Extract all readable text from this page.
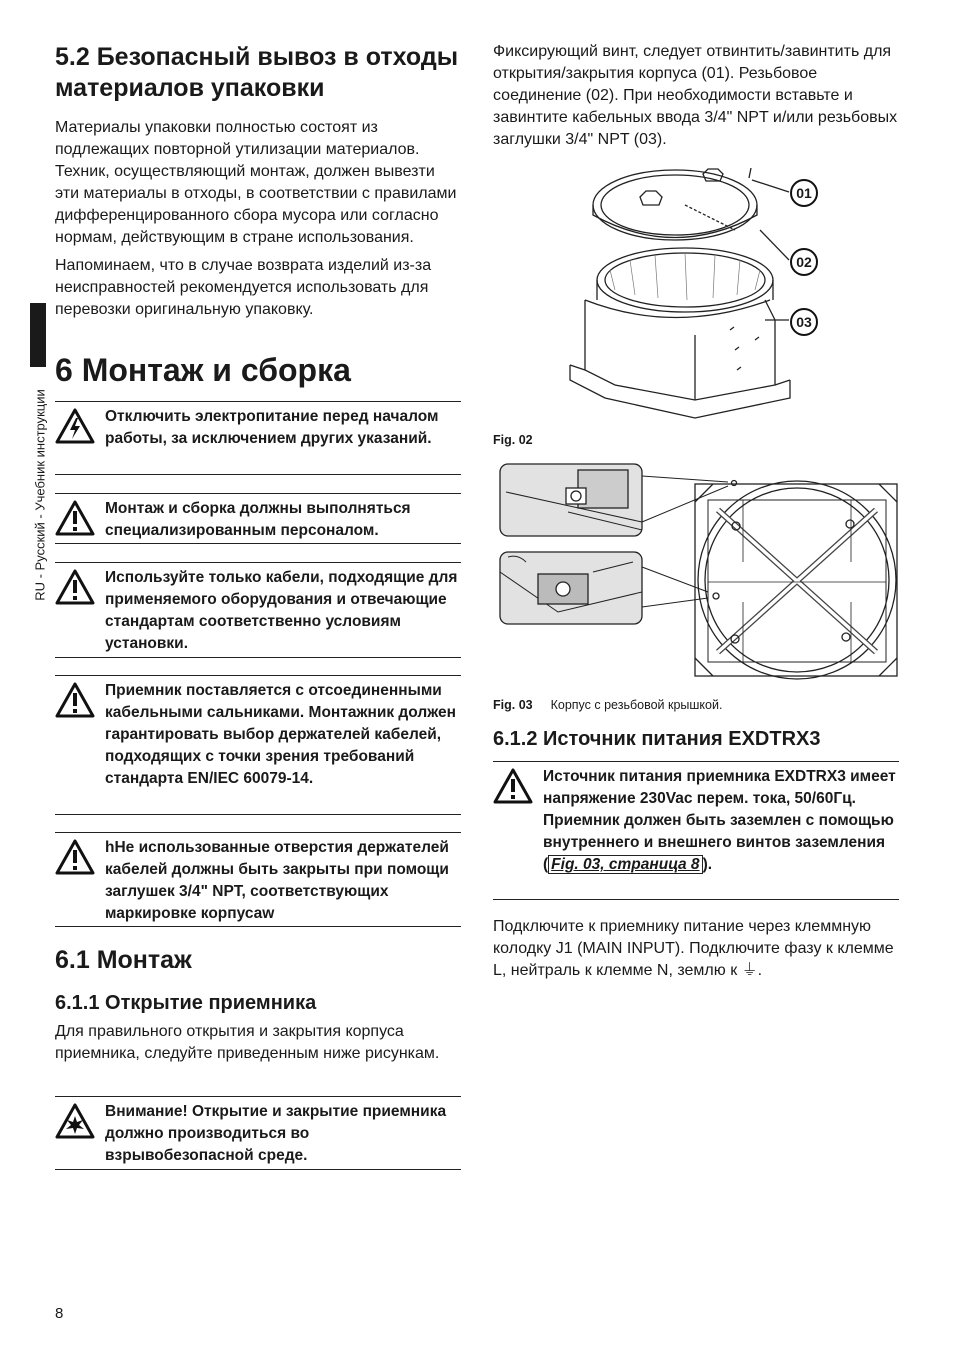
RU - Русский - Учебник инструкции
5.2 Безопасный вывоз в отходы материалов упаковки

Материалы упаковки полностью состоят из подлежащих повторной утилизации материалов. Техник, осуществляющий монтаж, должен вывезти эти материалы в отходы, в соответствии с правилами дифференцированного сбора мусора или согласно нормам, действующим в стране использования.

Напоминаем, что в случае возврата изделий из-за неисправностей рекомендуется использовать для перевозки оригинальную упаковку.

6 Монтаж и сборка
Отключить электропитание перед началом работы, за исключением других указаний.
Монтаж и сборка должны выполняться специализированным персоналом.
Используйте только кабели, подходящие для применяемого оборудования и отвечающие стандартам соответственно условиям установки.
Приемник поставляется с отсоединенными кабельными сальниками. Монтажник должен гарантировать выбор держателей кабелей, подходящих с точки зрения требований стандарта EN/IEC 60079-14.
hНе использованные отверстия держателей кабелей должны быть закрыты при помощи заглушек 3/4" NPT, соответствующих маркировке корпусаw
6.1 Монтаж
6.1.1 Открытие приемника

Для правильного открытия и закрытия корпуса приемника, следуйте приведенным ниже рисункам.

Внимание! Открытие и закрытие приемника должно производиться во взрывобезопасной среде.
8

Фиксирующий винт, следует отвинтить/завинтить для открытия/закрытия корпуса (01). Резьбовое соединение (02). При необходимости вставьте и завинтите кабельных ввода 3/4" NPT и/или резьбовых заглушки 3/4" NPT (03).

01
02
03
Fig. 02
Fig. 03 Корпус с резьбовой крышкой.
6.1.2 Источник питания EXDTRX3
Источник питания приемника EXDTRX3 имеет напряжение 230Vac перем. тока, 50/60Гц. Приемник должен быть заземлен с помощью внутреннего и внешнего винтов заземления ( Fig. 03, страница 8 ).

Подключите к приемнику питание через клеммную колодку J1 (MAIN INPUT). Подключите фазу к клемме L, нейтраль к клемме N, землю к ⏚.
